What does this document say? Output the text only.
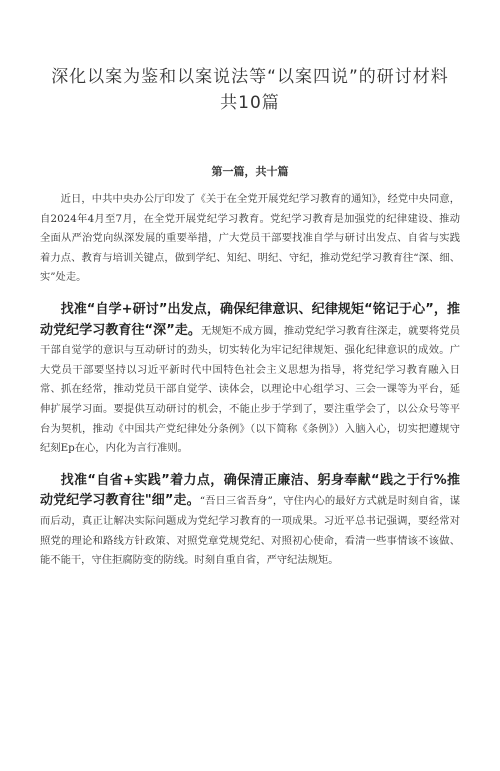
深化以案为鉴和以案说法等“以案四说”的研讨材料共10篇
第一篇，共十篇

近日，中共中央办公厅印发了《关于在全党开展党纪学习教育的通知》，经党中央同意，自2024年4月至7月，在全党开展党纪学习教育。党纪学习教育是加强党的纪律建设、推动全面从严治党向纵深发展的重要举措，广大党员干部要找准自学与研讨出发点、自省与实践着力点、教育与培训关键点，做到学纪、知纪、明纪、守纪，推动党纪学习教育往“深、细、实”处走。

找准“自学+研讨”出发点，确保纪律意识、纪律规矩“铭记于心”，推动党纪学习教育往“深”走。无规矩不成方圆，推动党纪学习教育往深走，就要将党员干部自觉学的意识与互动研讨的劲头，切实转化为牢记纪律规矩、强化纪律意识的成效。广大党员干部要坚持以习近平新时代中国特色社会主义思想为指导，将党纪学习教育融入日常、抓在经常，推动党员干部自觉学、读体会，以理论中心组学习、三会一课等为平台，延伸扩展学习面。要提供互动研讨的机会，不能止步于学到了，要注重学会了，以公众号等平台为契机，推动《中国共产党纪律处分条例》（以下简称《条例》）入脑入心，切实把遵规守纪刻Ep在心，内化为言行准则。

找准“自省+实践”着力点，确保清正廉洁、躬身奉献“践之于行%推动党纪学习教育往"细”走。“吾日三省吾身”，守住内心的最好方式就是时刻自省，谋而后动，真正让解决实际问题成为党纪学习教育的一项成果。习近平总书记强调，要经常对照党的理论和路线方针政策、对照党章党规党纪、对照初心使命，看清一些事情该不该做、能不能干，守住拒腐防变的防线。时刻自重自省，严守纪法规矩。
